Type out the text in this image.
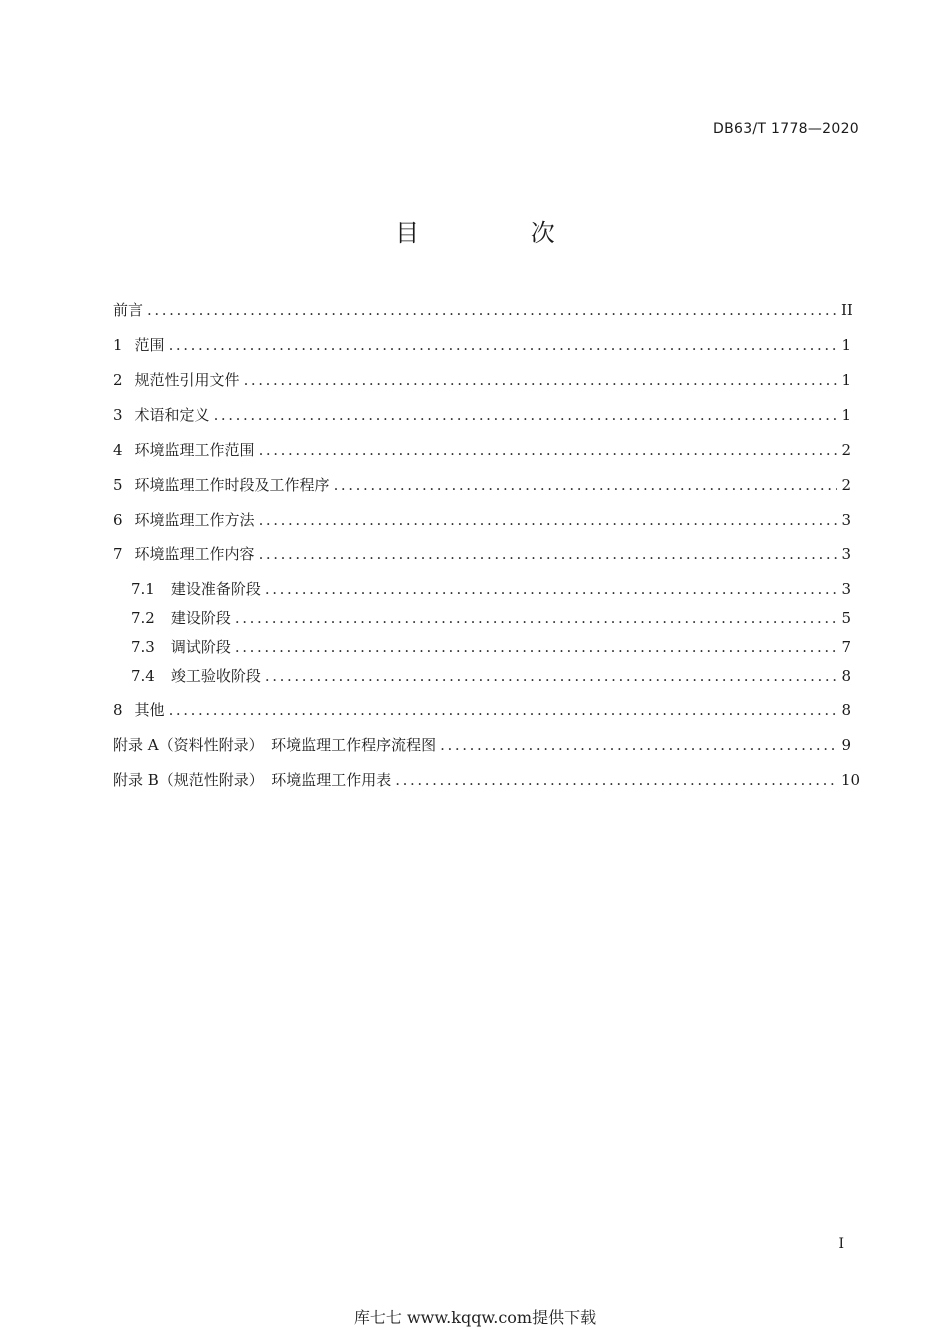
DB63/T 1778—2020
目 次
前言 .....	II
1 范围 .....	1
2 规范性引用文件 .....	1
3 术语和定义 .....	1
4 环境监理工作范围 .....	2
5 环境监理工作时段及工作程序 .....	2
6 环境监理工作方法 .....	3
7 环境监理工作内容 .....	3
7.1 建设准备阶段 .....	3
7.2 建设阶段 .....	5
7.3 调试阶段 .....	7
7.4 竣工验收阶段 .....	8
8 其他 .....	8
附录 A（资料性附录）　环境监理工作程序流程图 .....	9
附录 B（规范性附录）　环境监理工作用表 .....	10
I
库七七 www.kqqw.com提供下载
